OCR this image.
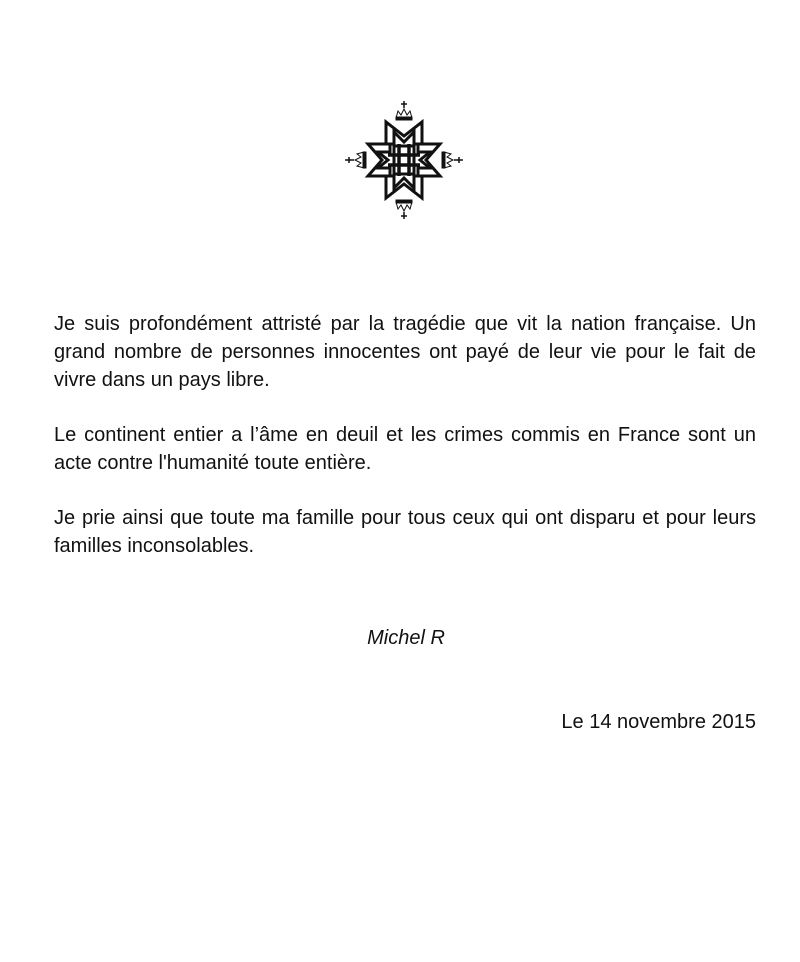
Je suis profondément attristé par la tragédie que vit la nation française. Un grand nombre de personnes innocentes ont payé de leur vie pour le fait de vivre dans un pays libre.

Le continent entier a l’âme en deuil et les crimes commis en France sont un acte contre l'humanité toute entière.

Je prie ainsi que toute ma famille pour tous ceux qui ont disparu et pour leurs familles inconsolables.

Michel R
Le 14 novembre 2015
